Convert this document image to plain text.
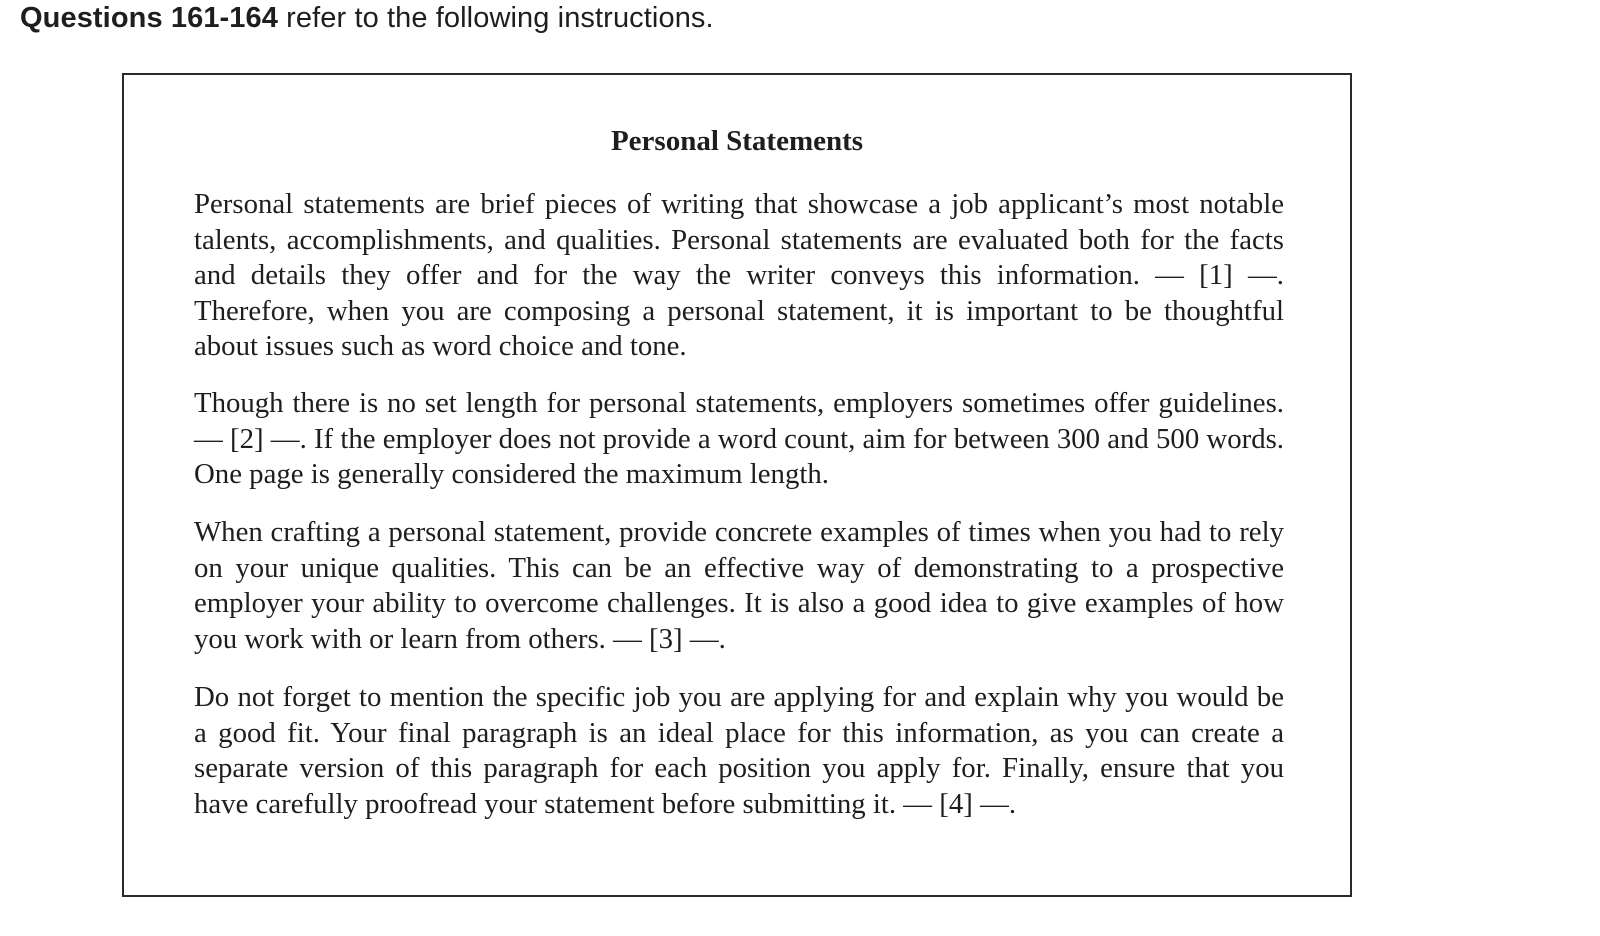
Questions 161-164 refer to the following instructions.
Personal Statements

Personal statements are brief pieces of writing that showcase a job applicant’s most notable talents, accomplishments, and qualities. Personal statements are evaluated both for the facts and details they offer and for the way the writer conveys this information. — [1] —. Therefore, when you are composing a personal statement, it is important to be thoughtful about issues such as word choice and tone.

Though there is no set length for personal statements, employers sometimes offer guidelines. — [2] —. If the employer does not provide a word count, aim for between 300 and 500 words. One page is generally considered the maximum length.

When crafting a personal statement, provide concrete examples of times when you had to rely on your unique qualities. This can be an effective way of demonstrating to a prospective employer your ability to overcome challenges. It is also a good idea to give examples of how you work with or learn from others. — [3] —.

Do not forget to mention the specific job you are applying for and explain why you would be a good fit. Your final paragraph is an ideal place for this information, as you can create a separate version of this paragraph for each position you apply for. Finally, ensure that you have carefully proofread your statement before submitting it. — [4] —.
